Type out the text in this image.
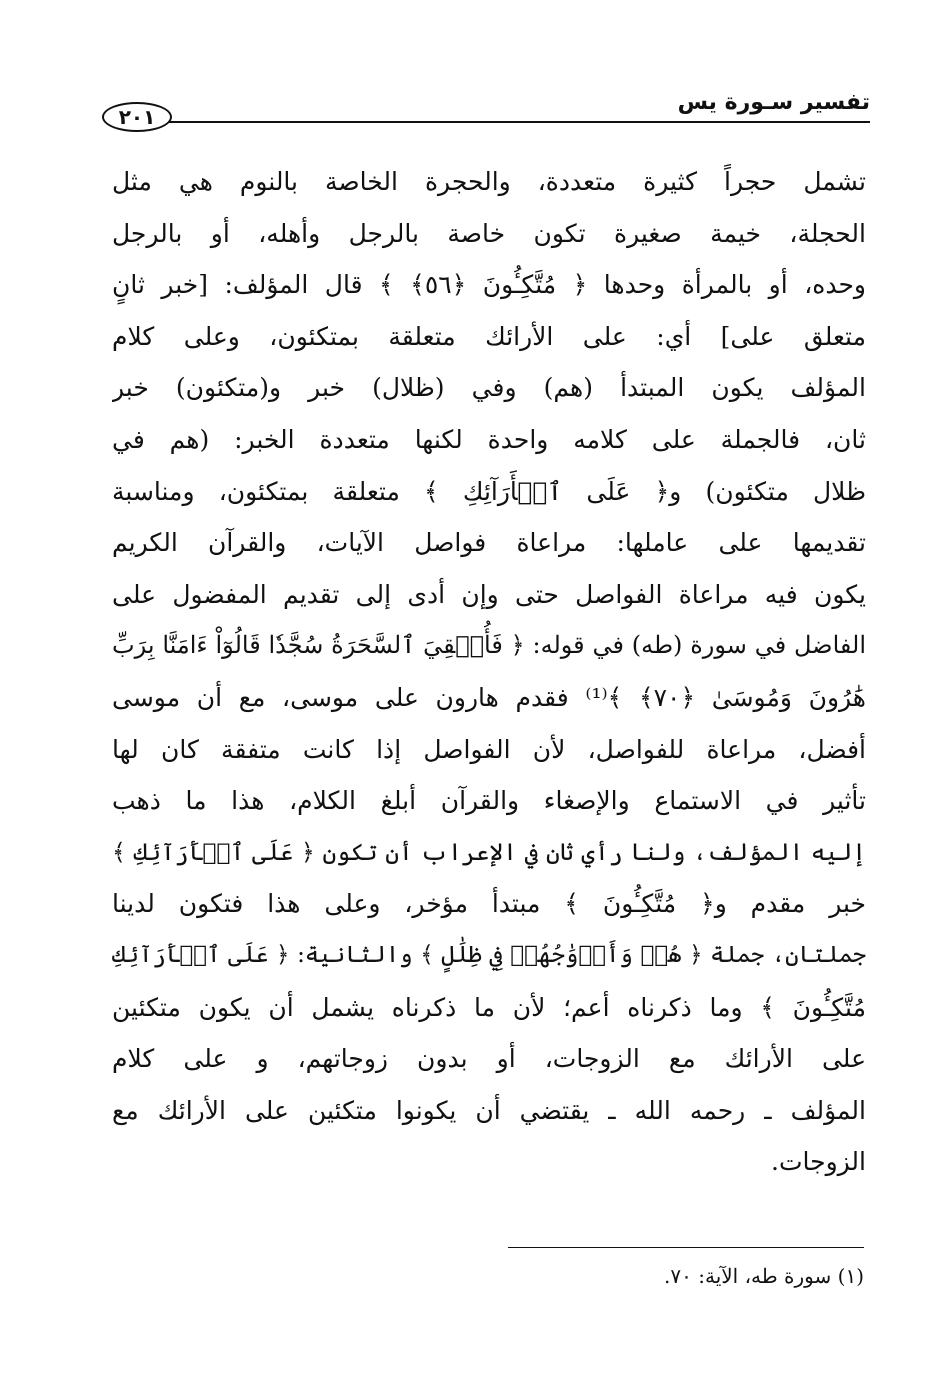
تفسير سـورة يس
٢٠١
تشمل حجراً كثيرة متعددة، والحجرة الخاصة بالنوم هي مثل
الحجلة، خيمة صغيرة تكون خاصة بالرجل وأهله، أو بالرجل
وحده، أو بالمرأة وحدها ﴿ مُتَّكِـُٔونَ ﴿٥٦﴾ ﴾ قال المؤلف: [خبر ثانٍ
متعلق على] أي: على الأرائك متعلقة بمتكئون، وعلى كلام
المؤلف يكون المبتدأ (هم) وفي (ظلال) خبر و(متكئون) خبر
ثان، فالجملة على كلامه واحدة لكنها متعددة الخبر: (هم في
ظلال متكئون) و﴿ عَلَى ٱلۡأَرَآئِكِ ﴾ متعلقة بمتكئون، ومناسبة
تقديمها على عاملها: مراعاة فواصل الآيات، والقرآن الكريم
يكون فيه مراعاة الفواصل حتى وإن أدى إلى تقديم المفضول على
الفاضل في سورة (طه) في قوله: ﴿ فَأُلۡقِيَ ٱلسَّحَرَةُ سُجَّدٗا قَالُوٓاْ ءَامَنَّا بِرَبِّ
هَٰرُونَ وَمُوسَىٰ ﴿٧٠﴾ ﴾⁽¹⁾ فقدم هارون على موسى، مع أن موسى
أفضل، مراعاة للفواصل، لأن الفواصل إذا كانت متفقة كان لها
تأثير في الاستماع والإصغاء والقرآن أبلغ الكلام، هذا ما ذهب
إليه المؤلف، ولنا رأي ثان في الإعراب أن تكون ﴿ عَلَى ٱلۡأَرَآئِكِ ﴾
خبر مقدم و﴿ مُتَّكِـُٔونَ ﴾ مبتدأ مؤخر، وعلى هذا فتكون لدينا
جملتان، جملة ﴿ هُمۡ وَأَزۡوَٰجُهُمۡ فِي ظِلَٰلٍ ﴾ والثانية: ﴿ عَلَى ٱلۡأَرَآئِكِ
مُتَّكِـُٔونَ ﴾ وما ذكرناه أعم؛ لأن ما ذكرناه يشمل أن يكون متكئين
على الأرائك مع الزوجات، أو بدون زوجاتهم، و على كلام
المؤلف ـ رحمه الله ـ يقتضي أن يكونوا متكئين على الأرائك مع
الزوجات.
(١) سورة طه، الآية: ٧٠.
